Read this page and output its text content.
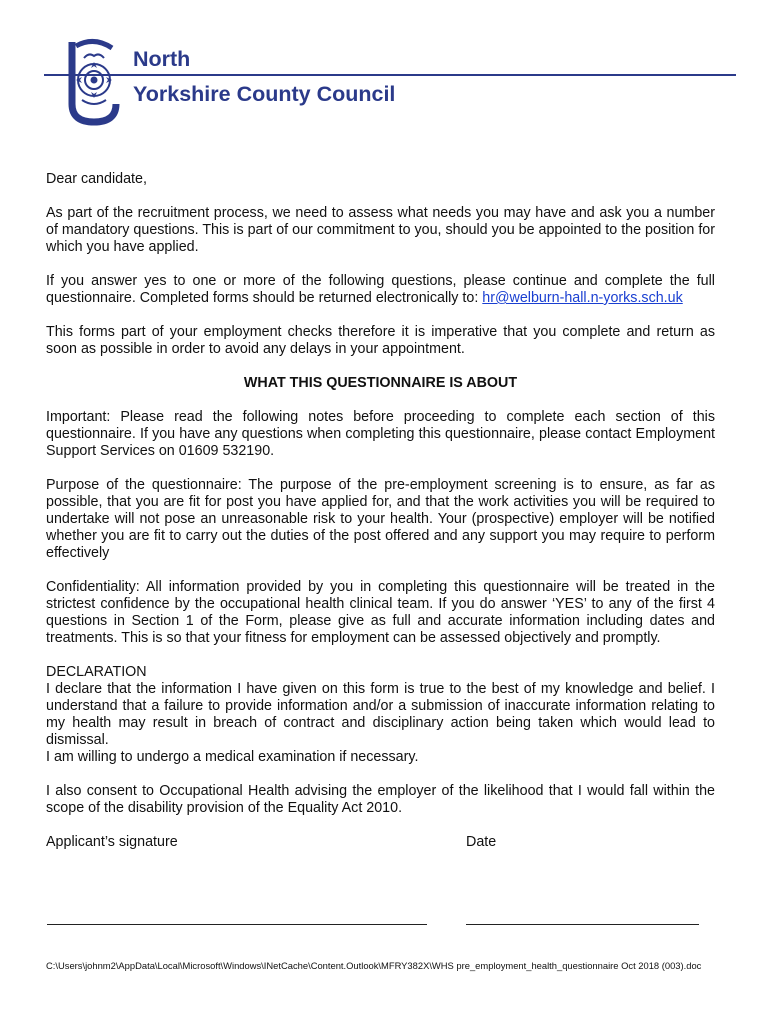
North
Yorkshire County Council

Dear candidate,

As part of the recruitment process, we need to assess what needs you may have and ask you a number of mandatory questions. This is part of our commitment to you, should you be appointed to the position for which you have applied.

If you answer yes to one or more of the following questions, please continue and complete the full questionnaire. Completed forms should be returned electronically to: hr@welburn-hall.n-yorks.sch.uk

This forms part of your employment checks therefore it is imperative that you complete and return as soon as possible in order to avoid any delays in your appointment.

WHAT THIS QUESTIONNAIRE IS ABOUT

Important: Please read the following notes before proceeding to complete each section of this questionnaire. If you have any questions when completing this questionnaire, please contact Employment Support Services on 01609 532190.

Purpose of the questionnaire: The purpose of the pre-employment screening is to ensure, as far as possible, that you are fit for post you have applied for, and that the work activities you will be required to undertake will not pose an unreasonable risk to your health. Your (prospective) employer will be notified whether you are fit to carry out the duties of the post offered and any support you may require to perform effectively

Confidentiality: All information provided by you in completing this questionnaire will be treated in the strictest confidence by the occupational health clinical team. If you do answer ‘YES’ to any of the first 4 questions in Section 1 of the Form, please give as full and accurate information including dates and treatments. This is so that your fitness for employment can be assessed objectively and promptly.

DECLARATION
I declare that the information I have given on this form is true to the best of my knowledge and belief. I understand that a failure to provide information and/or a submission of inaccurate information relating to my health may result in breach of contract and disciplinary action being taken which would lead to dismissal.
I am willing to undergo a medical examination if necessary.

I also consent to Occupational Health advising the employer of the likelihood that I would fall within the scope of the disability provision of the Equality Act 2010.

Applicant’s signature	Date
C:\Users\johnm2\AppData\Local\Microsoft\Windows\INetCache\Content.Outlook\MFRY382X\WHS pre_employment_health_questionnaire Oct 2018 (003).doc
